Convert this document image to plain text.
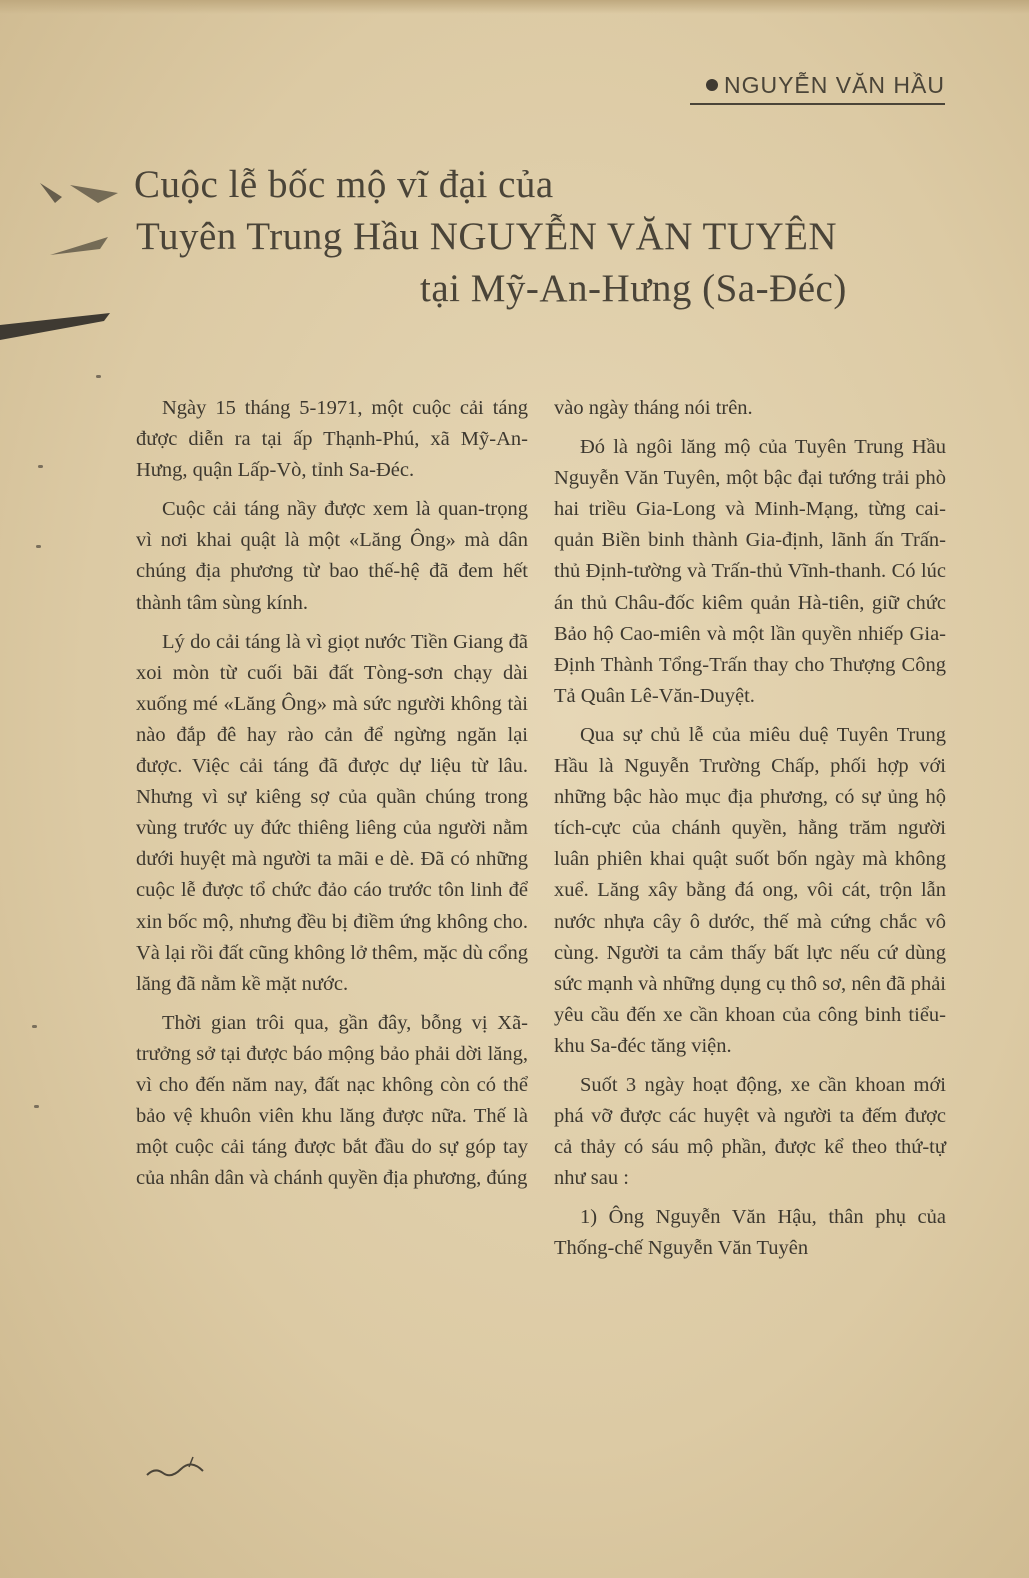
NGUYỄN VĂN HẦU
Cuộc lễ bốc mộ vĩ đại của
Tuyên Trung Hầu NGUYỄN VĂN TUYÊN
tại Mỹ-An-Hưng (Sa-Đéc)

Ngày 15 tháng 5-1971, một cuộc cải táng được diễn ra tại ấp Thạnh-Phú, xã Mỹ-An-Hưng, quận Lấp-Vò, tỉnh Sa-Đéc.

Cuộc cải táng nầy được xem là quan-trọng vì nơi khai quật là một «Lăng Ông» mà dân chúng địa phương từ bao thế-hệ đã đem hết thành tâm sùng kính.

Lý do cải táng là vì giọt nước Tiền Giang đã xoi mòn từ cuối bãi đất Tòng-sơn chạy dài xuống mé «Lăng Ông» mà sức người không tài nào đắp đê hay rào cản để ngừng ngăn lại được. Việc cải táng đã được dự liệu từ lâu. Nhưng vì sự kiêng sợ của quần chúng trong vùng trước uy đức thiêng liêng của người nằm dưới huyệt mà người ta mãi e dè. Đã có những cuộc lễ được tổ chức đảo cáo trước tôn linh để xin bốc mộ, nhưng đều bị điềm ứng không cho. Và lại rồi đất cũng không lở thêm, mặc dù cổng lăng đã nằm kề mặt nước.

Thời gian trôi qua, gần đây, bỗng vị Xã-trưởng sở tại được báo mộng bảo phải dời lăng, vì cho đến năm nay, đất nạc không còn có thể bảo vệ khuôn viên khu lăng được nữa. Thế là một cuộc cải táng được bắt đầu do sự góp tay của nhân dân và chánh quyền địa phương, đúng

vào ngày tháng nói trên.

Đó là ngôi lăng mộ của Tuyên Trung Hầu Nguyễn Văn Tuyên, một bậc đại tướng trải phò hai triều Gia-Long và Minh-Mạng, từng cai-quản Biền binh thành Gia-định, lãnh ấn Trấn-thủ Định-tường và Trấn-thủ Vĩnh-thanh. Có lúc án thủ Châu-đốc kiêm quản Hà-tiên, giữ chức Bảo hộ Cao-miên và một lần quyền nhiếp Gia-Định Thành Tổng-Trấn thay cho Thượng Công Tả Quân Lê-Văn-Duyệt.

Qua sự chủ lễ của miêu duệ Tuyên Trung Hầu là Nguyễn Trường Chấp, phối hợp với những bậc hào mục địa phương, có sự ủng hộ tích-cực của chánh quyền, hằng trăm người luân phiên khai quật suốt bốn ngày mà không xuể. Lăng xây bằng đá ong, vôi cát, trộn lẫn nước nhựa cây ô dước, thế mà cứng chắc vô cùng. Người ta cảm thấy bất lực nếu cứ dùng sức mạnh và những dụng cụ thô sơ, nên đã phải yêu cầu đến xe cần khoan của công binh tiểu-khu Sa-đéc tăng viện.

Suốt 3 ngày hoạt động, xe cần khoan mới phá vỡ được các huyệt và người ta đếm được cả thảy có sáu mộ phần, được kể theo thứ-tự như sau :

1) Ông Nguyễn Văn Hậu, thân phụ của Thống-chế Nguyễn Văn Tuyên
